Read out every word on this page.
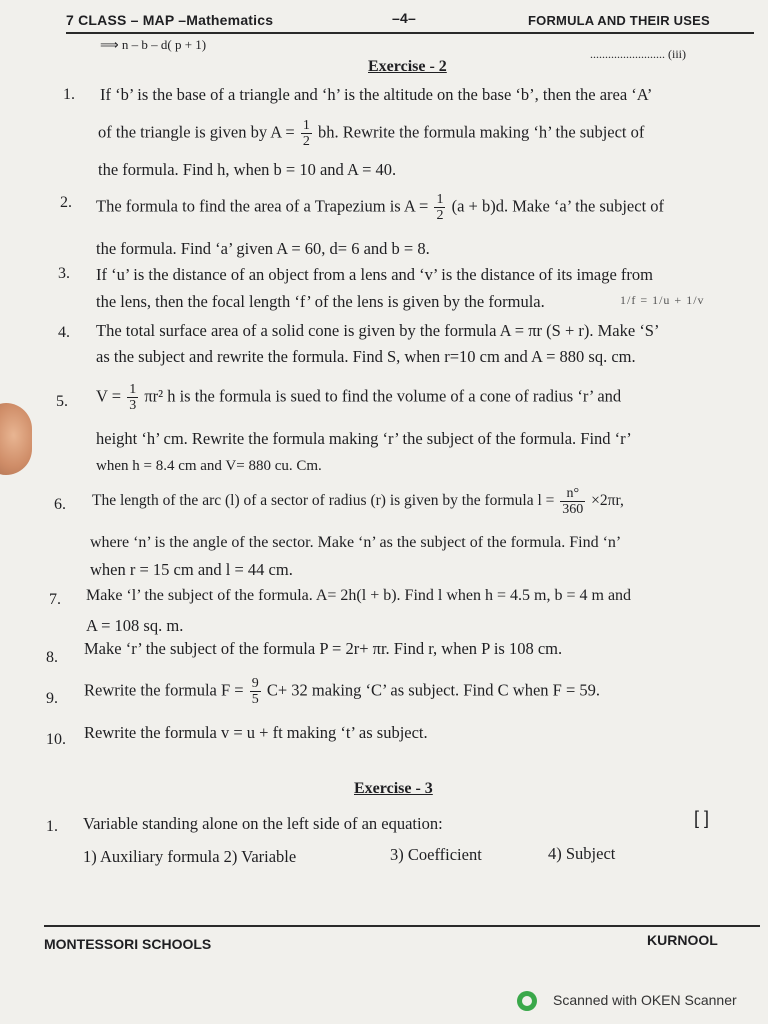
7 CLASS – MAP –Mathematics	–4–	FORMULA AND THEIR USES
⟹ n – b – d( p + 1)
......................... (iii)
Exercise - 2
1. If ‘b’ is the base of a triangle and ‘h’ is the altitude on the base ‘b’, then the area ‘A’
of the triangle is given by $A = \frac{1}{2}$ bh. Rewrite the formula making ‘h’ the subject of
the formula. Find h, when b = 10 and A = 40.
2. The formula to find the area of a Trapezium is $A = \frac{1}{2} (a + b)d$. Make ‘a’ the subject of
the formula. Find ‘a’ given A = 60, d= 6 and b = 8.
3. If ‘u’ is the distance of an object from a lens and ‘v’ is the distance of its image from
the lens, then the focal length ‘f’ of the lens is given by the formula.	1/f = 1/u + 1/v
4. The total surface area of a solid cone is given by the formula A = πr (S + r). Make ‘S’
as the subject and rewrite the formula. Find S, when r=10 cm and A = 880 sq. cm.
5. $V = \frac{1}{3} \pi r^2$ h is the formula is sued to find the volume of a cone of radius ‘r’ and
height ‘h’ cm. Rewrite the formula making ‘r’ the subject of the formula. Find ‘r’
when h = 8.4 cm and V= 880 cu. Cm.
6. The length of the arc (l) of a sector of radius (r) is given by the formula $l = \frac{n^\circ}{360} \times 2\pi r$,
where ‘n’ is the angle of the sector. Make ‘n’ as the subject of the formula. Find ‘n’
when r = 15 cm and l = 44 cm.
7. Make ‘l’ the subject of the formula. A= 2h(l + b). Find l when h = 4.5 m, b = 4 m and
A = 108 sq. m.
8. Make ‘r’ the subject of the formula P = 2r+ πr. Find r, when P is 108 cm.
9. Rewrite the formula $F = \frac{9}{5} C+ 32$ making ‘C’ as subject. Find C when F = 59.
10. Rewrite the formula v = u + ft making ‘t’ as subject.
Exercise - 3
1. Variable standing alone on the left side of an equation:	[ ]
1) Auxiliary formula 2) Variable	3) Coefficient	4) Subject
MONTESSORI SCHOOLS	KURNOOL
Scanned with OKEN Scanner
